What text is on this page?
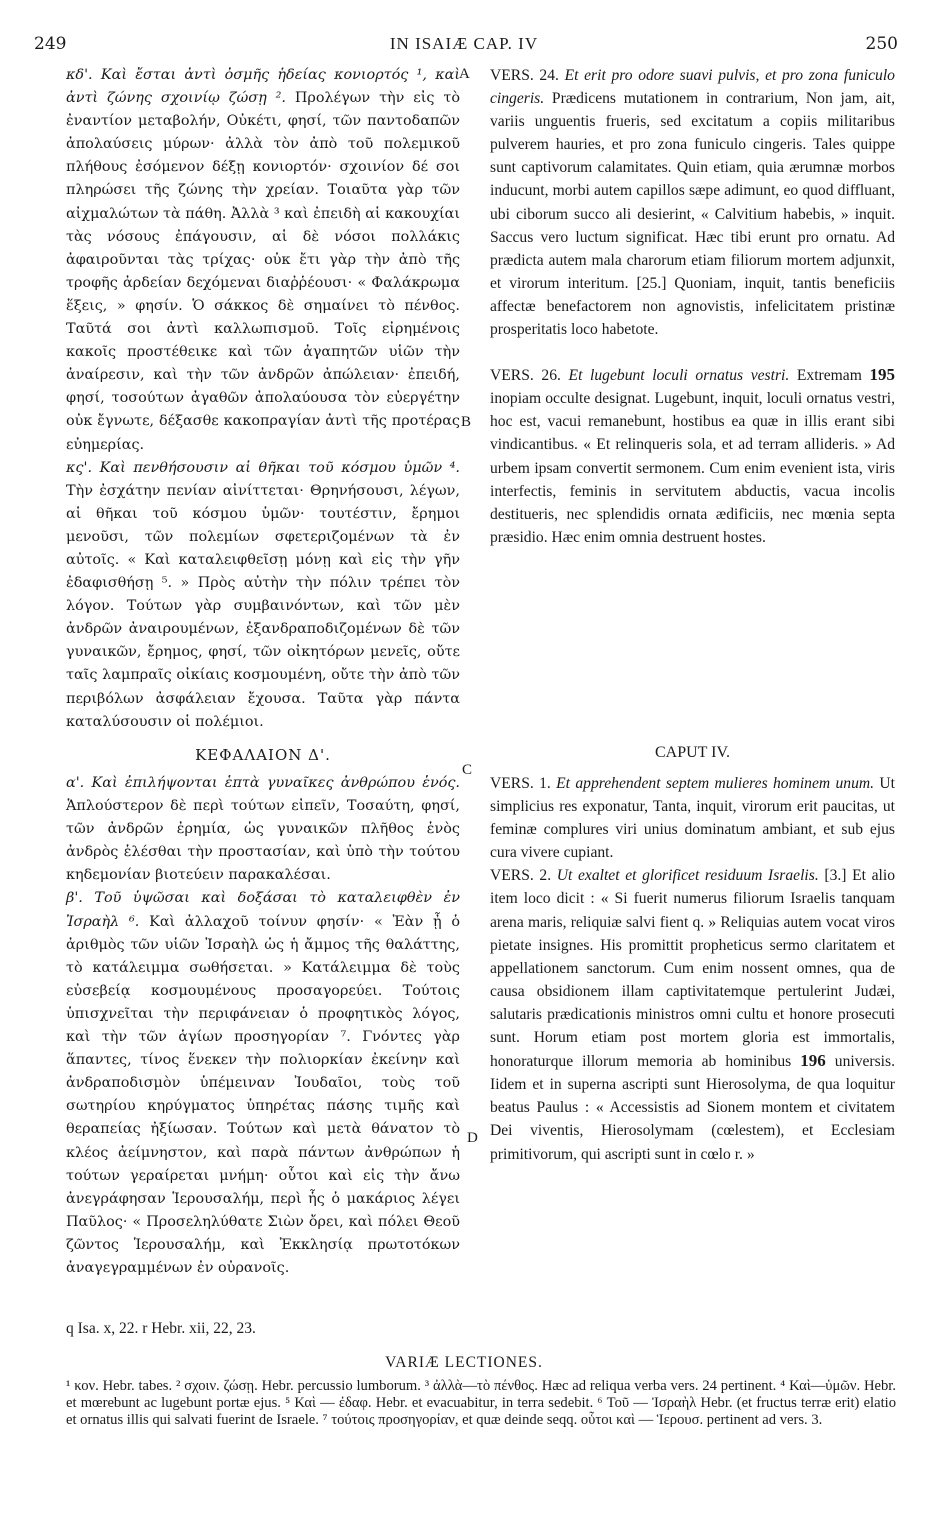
249	IN ISAIÆ CAP. IV	250

κδ'. Καὶ ἔσται ἀντὶ ὀσμῆς ἡδείας κονιορτός ¹, καὶ ἀντὶ ζώνης σχοινίῳ ζώσῃ ². Προλέγων τὴν εἰς τὸ ἐναντίον μεταβολήν, Οὐκέτι, φησί, τῶν παντοδαπῶν ἀπολαύσεις μύρων· ἀλλὰ τὸν ἀπὸ τοῦ πολεμικοῦ πλήθους ἐσόμενον δέξῃ κονιορτόν· σχοινίον δέ σοι πληρώσει τῆς ζώνης τὴν χρείαν. Τοιαῦτα γὰρ τῶν αἰχμαλώτων τὰ πάθη. Ἀλλὰ ³ καὶ ἐπειδὴ αἱ κακουχίαι τὰς νόσους ἐπάγουσιν, αἱ δὲ νόσοι πολλάκις ἀφαιροῦνται τὰς τρίχας· οὐκ ἔτι γὰρ τὴν ἀπὸ τῆς τροφῆς ἀρδείαν δεχόμεναι διαῤῥέουσι· « Φαλάκρωμα ἕξεις, » φησίν. Ὁ σάκκος δὲ σημαίνει τὸ πένθος. Ταῦτά σοι ἀντὶ καλλωπισμοῦ. Τοῖς εἰρημένοις κακοῖς προστέθεικε καὶ τῶν ἀγαπητῶν υἱῶν τὴν ἀναίρεσιν, καὶ τὴν τῶν ἀνδρῶν ἀπώλειαν· ἐπειδή, φησί, τοσούτων ἀγαθῶν ἀπολαύουσα τὸν εὐεργέτην οὐκ ἔγνωτε, δέξασθε κακοπραγίαν ἀντὶ τῆς προτέρας εὐημερίας.

κς'. Καὶ πενθήσουσιν αἱ θῆκαι τοῦ κόσμου ὑμῶν ⁴. Τὴν ἐσχάτην πενίαν αἰνίττεται· Θρηνήσουσι, λέγων, αἱ θῆκαι τοῦ κόσμου ὑμῶν· τουτέστιν, ἔρημοι μενοῦσι, τῶν πολεμίων σφετεριζομένων τὰ ἐν αὐτοῖς. « Καὶ καταλειφθεῖσῃ μόνῃ καὶ εἰς τὴν γῆν ἐδαφισθήσῃ ⁵. » Πρὸς αὐτὴν τὴν πόλιν τρέπει τὸν λόγον. Τούτων γὰρ συμβαινόντων, καὶ τῶν μὲν ἀνδρῶν ἀναιρουμένων, ἐξανδραποδιζομένων δὲ τῶν γυναικῶν, ἔρημος, φησί, τῶν οἰκητόρων μενεῖς, οὔτε ταῖς λαμπραῖς οἰκίαις κοσμουμένη, οὔτε τὴν ἀπὸ τῶν περιβόλων ἀσφάλειαν ἔχουσα. Ταῦτα γὰρ πάντα καταλύσουσιν οἱ πολέμιοι.

VERS. 24. Et erit pro odore suavi pulvis, et pro zona funiculo cingeris. Prædicens mutationem in contrarium, Non jam, ait, variis unguentis frueris, sed excitatum a copiis militaribus pulverem hauries, et pro zona funiculo cingeris. Tales quippe sunt captivorum calamitates. Quin etiam, quia ærumnæ morbos inducunt, morbi autem capillos sæpe adimunt, eo quod diffluant, ubi ciborum succo ali desierint, « Calvitium habebis, » inquit. Saccus vero luctum significat. Hæc tibi erunt pro ornatu. Ad prædicta autem mala charorum etiam filiorum mortem adjunxit, et virorum interitum. [25.] Quoniam, inquit, tantis beneficiis affectæ benefactorem non agnovistis, infelicitatem pristinæ prosperitatis loco habetote.

VERS. 26. Et lugebunt loculi ornatus vestri. Extremam 195 inopiam occulte designat. Lugebunt, inquit, loculi ornatus vestri, hoc est, vacui remanebunt, hostibus ea quæ in illis erant sibi vindicantibus. « Et relinqueris sola, et ad terram allideris. » Ad urbem ipsam convertit sermonem. Cum enim evenient ista, viris interfectis, feminis in servitutem abductis, vacua incolis destitueris, nec splendidis ornata ædificiis, nec mœnia septa præsidio. Hæc enim omnia destruent hostes.

ΚΕΦΑΛΑΙΟΝ Δ'.	CAPUT IV.

α'. Καὶ ἐπιλήψονται ἑπτὰ γυναῖκες ἀνθρώπου ἑνός. Ἁπλούστερον δὲ περὶ τούτων εἰπεῖν, Τοσαύτη, φησί, τῶν ἀνδρῶν ἐρημία, ὡς γυναικῶν πλῆθος ἑνὸς ἀνδρὸς ἑλέσθαι τὴν προστασίαν, καὶ ὑπὸ τὴν τούτου κηδεμονίαν βιοτεύειν παρακαλέσαι.

β'. Τοῦ ὑψῶσαι καὶ δοξάσαι τὸ καταλειφθὲν ἐν Ἰσραὴλ ⁶. Καὶ ἀλλαχοῦ τοίνυν φησίν· « Ἐὰν ᾖ ὁ ἀριθμὸς τῶν υἱῶν Ἰσραὴλ ὡς ἡ ἄμμος τῆς θαλάττης, τὸ κατάλειμμα σωθήσεται. » Κατάλειμμα δὲ τοὺς εὐσεβείᾳ κοσμουμένους προσαγορεύει. Τούτοις ὑπισχνεῖται τὴν περιφάνειαν ὁ προφητικὸς λόγος, καὶ τὴν τῶν ἁγίων προσηγορίαν ⁷. Γνόντες γὰρ ἅπαντες, τίνος ἕνεκεν τὴν πολιορκίαν ἐκείνην καὶ ἀνδραποδισμὸν ὑπέμειναν Ἰουδαῖοι, τοὺς τοῦ σωτηρίου κηρύγματος ὑπηρέτας πάσης τιμῆς καὶ θεραπείας ἠξίωσαν. Τούτων καὶ μετὰ θάνατον τὸ κλέος ἀείμνηστον, καὶ παρὰ πάντων ἀνθρώπων ἡ τούτων γεραίρεται μνήμη· οὗτοι καὶ εἰς τὴν ἄνω ἀνεγράφησαν Ἱερουσαλήμ, περὶ ἧς ὁ μακάριος λέγει Παῦλος· « Προσεληλύθατε Σιὼν ὄρει, καὶ πόλει Θεοῦ ζῶντος Ἱερουσαλήμ, καὶ Ἐκκλησίᾳ πρωτοτόκων ἀναγεγραμμένων ἐν οὐρανοῖς.

VERS. 1. Et apprehendent septem mulieres hominem unum. Ut simplicius res exponatur, Tanta, inquit, virorum erit paucitas, ut feminæ complures viri unius dominatum ambiant, et sub ejus cura vivere cupiant.

VERS. 2. Ut exaltet et glorificet residuum Israelis. [3.] Et alio item loco dicit : « Si fuerit numerus filiorum Israelis tanquam arena maris, reliquiæ salvi fient q. » Reliquias autem vocat viros pietate insignes. His promittit propheticus sermo claritatem et appellationem sanctorum. Cum enim nossent omnes, qua de causa obsidionem illam captivitatemque pertulerint Judæi, salutaris prædicationis ministros omni cultu et honore prosecuti sunt. Horum etiam post mortem gloria est immortalis, honoraturque illorum memoria ab hominibus 196 universis. Iidem et in superna ascripti sunt Hierosolyma, de qua loquitur beatus Paulus : « Accessistis ad Sionem montem et civitatem Dei viventis, Hierosolymam (cœlestem), et Ecclesiam primitivorum, qui ascripti sunt in cœlo r. »

A
B
C
D
q Isa. x, 22. r Hebr. xii, 22, 23.
VARIÆ LECTIONES.
¹ κον. Hebr. tabes. ² σχοιν. ζώσῃ. Hebr. percussio lumborum. ³ ἀλλὰ—τὸ πένθος. Hæc ad reliqua verba vers. 24 pertinent. ⁴ Καὶ—ὑμῶν. Hebr. et mœrebunt ac lugebunt portæ ejus. ⁵ Καὶ — ἐδαφ. Hebr. et evacuabitur, in terra sedebit. ⁶ Τοῦ — Ἰσραὴλ Hebr. (et fructus terræ erit) elatio et ornatus illis qui salvati fuerint de Israele. ⁷ τούτοις προσηγορίαν, et quæ deinde seqq. οὗτοι καὶ — Ἱερουσ. pertinent ad vers. 3.
